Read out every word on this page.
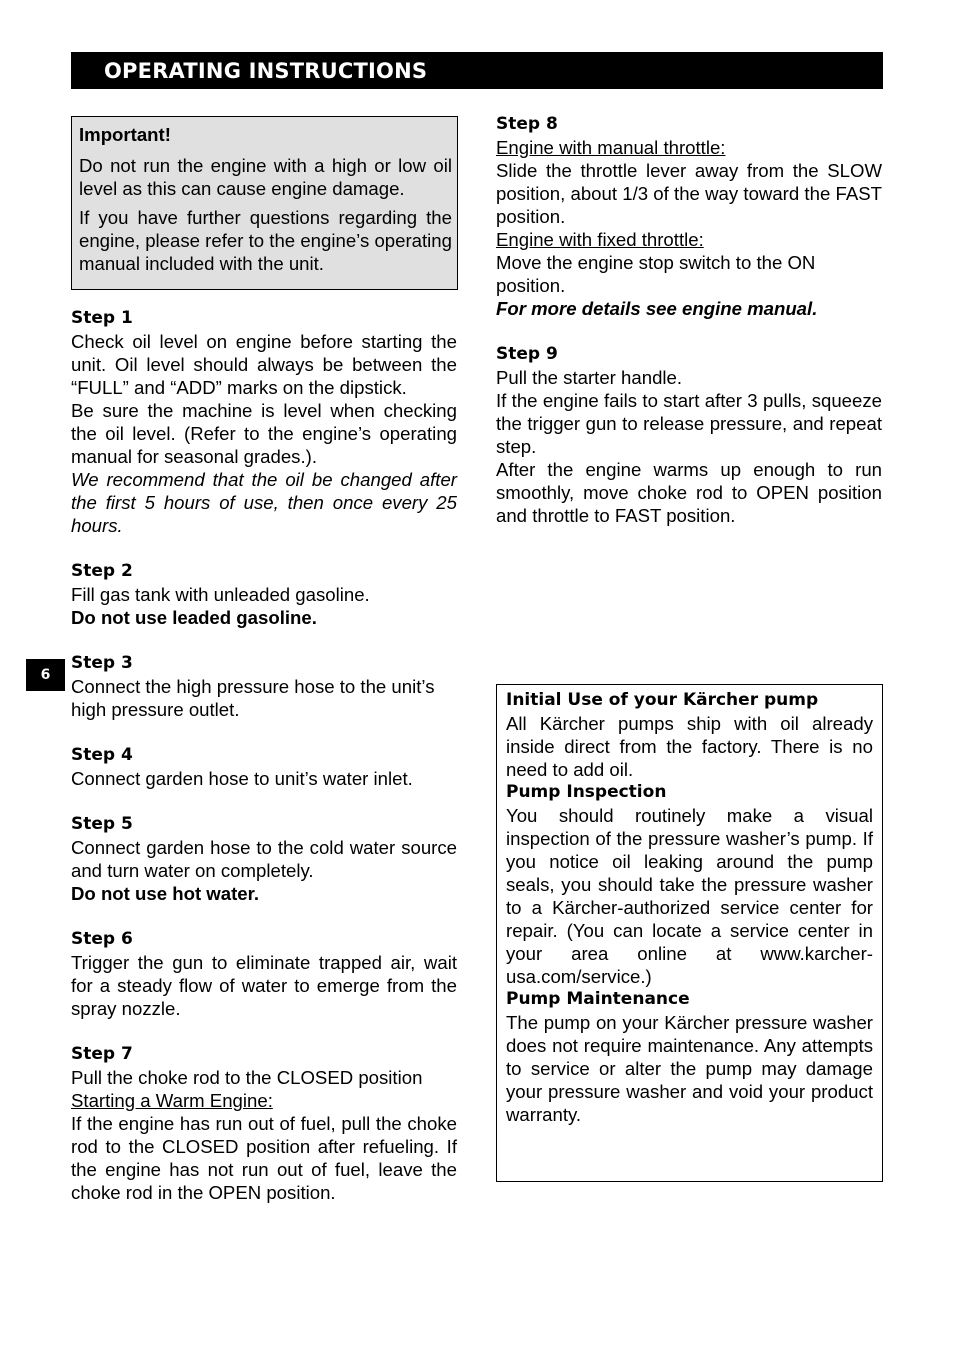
OPERATING INSTRUCTIONS
6

Important!

Do not run the engine with a high or low oil level as this can cause engine damage.

If you have further questions regarding the engine, please refer to the engine’s operating manual included with the unit.

Step 1

Check oil level on engine before starting the unit. Oil level should always be between the “FULL” and “ADD” marks on the dipstick.

Be sure the machine is level when checking the oil level. (Refer to the engine’s operating manual for seasonal grades.).

We recommend that the oil be changed after the first 5 hours of use, then once every 25 hours.

Step 2

Fill gas tank with unleaded gasoline.

Do not use leaded gasoline.

Step 3

Connect the high pressure hose to the unit’s high pressure outlet.

Step 4

Connect garden hose to unit’s water inlet.

Step 5

Connect garden hose to the cold water source and turn water on completely.

Do not use hot water.

Step 6

Trigger the gun to eliminate trapped air, wait for a steady flow of water to emerge from the spray nozzle.

Step 7

Pull the choke rod to the CLOSED position

Starting a Warm Engine:

If the engine has run out of fuel, pull the choke rod to the CLOSED position after refueling. If the engine has not run out of fuel, leave the choke rod in the OPEN position.

Step 8

Engine with manual throttle:

Slide the throttle lever away from the SLOW position, about 1/3 of the way toward the FAST position.

Engine with fixed throttle:

Move the engine stop switch to the ON position.

For more details see engine manual.

Step 9

Pull the starter handle.

If the engine fails to start after 3 pulls, squeeze the trigger gun to release pressure, and repeat step.

After the engine warms up enough to run smoothly, move choke rod to OPEN position and throttle to FAST position.

Initial Use of your Kärcher pump

All Kärcher pumps ship with oil already inside direct from the factory. There is no need to add oil.

Pump Inspection

You should routinely make a visual inspection of the pressure washer’s pump. If you notice oil leaking around the pump seals, you should take the pressure washer to a Kärcher-authorized service center for repair. (You can locate a service center in your area online at www.karcher-usa.com/service.)

Pump Maintenance

The pump on your Kärcher pressure washer does not require maintenance. Any attempts to service or alter the pump may damage your pressure washer and void your product warranty.
